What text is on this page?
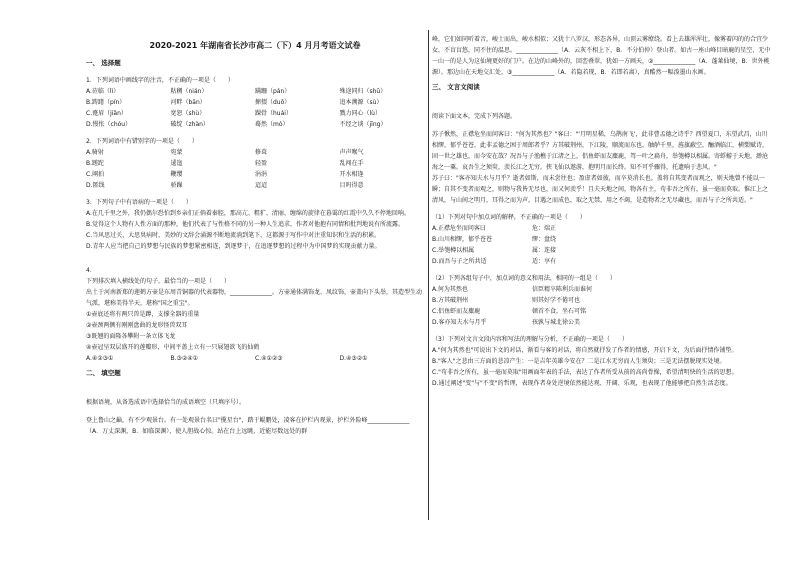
2020-2021 年湖南省长沙市高二（下）4 月月考语文试卷
一、 选择题

1．下列词语中画线字的注音，不正确的一项是（　　）

A.莅临（lì）	粘稠（nián）	蹒跚（pán）	殊途同归（shū）
B.踌躇（pín）	河畔（bān）	撺掇（duō）	追本溯源（sù）
C.蹙眉（jiǎn）	宽恕（shù）	踝骨（huái）	戮力同心（lù）
D.慢怅（chóu）	破绽（zhàn）	蓦然（mò）	不经之谈（jīng）

2．下列词语中有错别字的一项是（　　）

A.骑射	宛蒙	修葺	声声喉气
B.蹉跎	逶迤	轻盈	乱闯在手
C.阐拍	鞭缨	涓涓	开水相逢
D.匿线	骄躁	迢迢	目吗得意

3．下列句子中有语病的一项是（　　）

A.在几千里之外，我仍偶尔恐怕到乡亲们正倘着秦腔，那高亢、粗犷、清丽、缠绵的旋律在暮霭的红霞中久久不停地回响。

B.觉得这个人物有人性方面的那种，他们代表了与性格不同的另一种人生追求，作者对他抱有同情和批判地说有所流露。

C.当风思过关、大思臭病时，美妙的文辞会涌源不断地流淌到笔下，这都源于写作中对注重知识和生活的积累。

D.青年人应当把自己的梦想与民族的梦想紧密相连，到逐梦于，在追逐梦想的过程中为中国梦的实现贡献力量。

4．

下列排次填入横线处的句子，最恰当的一项是（　　）

出土于河南新郑的莲鹤方壶是东周青铜器的代表器物，______________。方壶通体满饰龙、凤纹饰，壶盖向下头举，其造型生动气派，堪称美得半天，堪称"国之重宝"。

①壶底还将有两只兽是蹲，支撑全器的重量

②壶颈两侧有刚刚盘曲的龙形怪兽双耳

③既翘的面隆各攀附一条立体飞龙

④壶冠呈双层盛开的莲瓣形，中间平盖上立有一只展翅欲飞的仙鹤

A.④②③①	B.③②④①	C.④①②③	D.④③②①
二、 填空题

根据语境，从备选成语中选择恰当的成语填空（只填序号）。

登上鲁山之巅，有不少观景台。有一处观景台名曰"揽星台"，踏于鲲鹏处，凌客在护栏内观景，护栏外险峰______________（A．万丈深渊，B．如临深渊），使人胆战心惊。站在台上远眺，近能尽数远处的群

峰，它们如同听着音，峻士而出，峻水相似；又犹十八罗汉，形态各异，山顶云雾缭绕。看上去雄浑浑壮，像雾着闪的的合宜少女，不盲盲悠，同不住的温思。______________（A．云灰不相上下，B．不分伯仲）登山者。如古一座山峰目暗鹿的星空，无中一山一的是人为这仙境更好的门户。在边的山峰外的，回峦叠翠，犹如一方画天，②______________（A．蓬莱仙境，B．世外桃源）。那边山在天地交汇处，③______________（A．若隐若现，B．若即若离），真酷然一幅泼墨山水画。

三、 文言文阅读

阅读下面文本，完成下列各题。

苏子愀然，正襟危坐而问客曰："何为其然也？"客曰："'月明星稀，乌鹊南飞'，此非曹孟德之诗乎？西望夏口，东望武昌，山川相缪，郁乎苍苍，此非孟德之困于周郎者乎？方其破荆州，下江陵，顺流而东也，舳舻千里，旌旗蔽空，酾酒临江，横槊赋诗，固一世之雄也，而今安在哉？况吾与子渔樵于江渚之上，侣鱼虾而友麋鹿，驾一叶之扁舟，举匏樽以相属。寄蜉蝣于天地，渺沧海之一粟。哀吾生之须臾，羡长江之无穷。挟飞仙以遨游，抱明月而长终。知不可乎骤得，托遗响于悲风。"

苏子曰："客亦知夫水与月乎？逝者如斯，而未尝往也；盈虚者如彼，而卒莫消长也。盖将自其变者而观之，则天地曾不能以一瞬；自其不变者而观之，则物与我皆无尽也，而又何羡乎！且夫天地之间，物各有主，苟非吾之所有，虽一毫而莫取。惟江上之清风，与山间之明月，耳得之而为声，目遇之而成色，取之无禁，用之不竭，是造物者之无尽藏也，而吾与子之所共适。"

（1）下列对句中加点词的解释，不正确的一项是（　　）

A.正襟危坐而问客曰	危：端正
B.山川相缪，郁乎苍苍	缪：盘绕
C.举匏樽以相属	属：连接
D.而吾与子之所共适	适：享有

（2）下列各组句子中，加点词的意义和用法，相同的一组是（　　）

A.何为其然也	信臣精卒陈利兵而谁何
B.方其破荆州	则其好学不倦可也
C.侣鱼虾而友麋鹿	顿首不食，坐石可铭
D.客亦知夫水与月乎	孩孰与城北徐公美

（3）下列对文言文段内容和写法的理解与分析，不正确的一项是（　　）

A."何为其然也"可说出下文的对话，渐看与客的对话，将自然就抒发了作者的情感，开启下文，为后面抒情作铺垫。

B."客人"之悲由三方面的悲凉产生：一是吉年英雄今安在？二是江水无穷而人生须臾；三是无法摆脱现实处境。

C."苟非吾之所有，虽一毫而莫取"用画面年表的手法，表达了作者所受从前的高尚骨操，希望清明快的生活的思想。

D.通过阐述"变"与"不变"的哲理，表现作者身处逆境依然能达观、开阔、乐观，也表现了他能够把自然生活态度。
